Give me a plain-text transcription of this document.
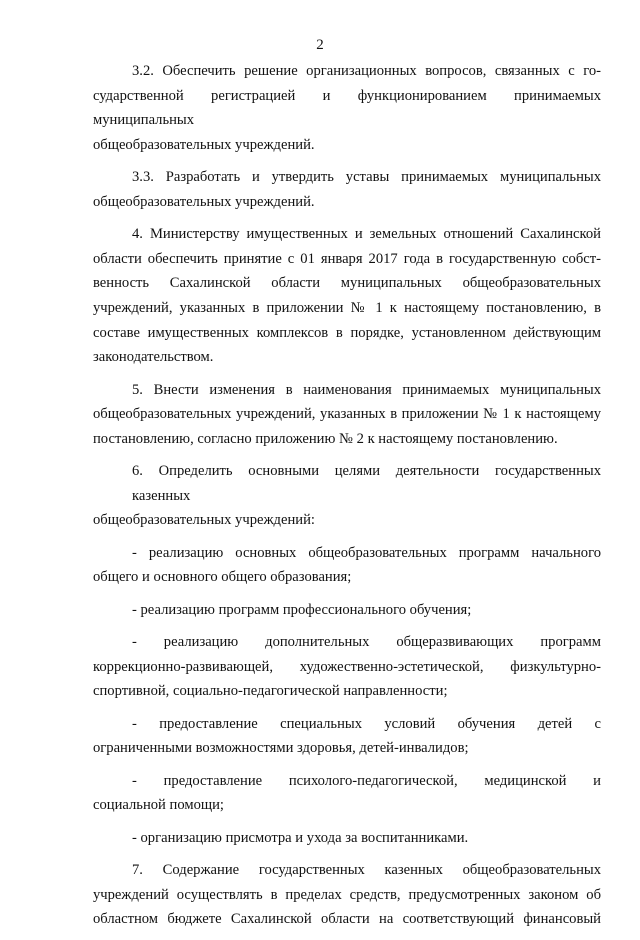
2

3.2. Обеспечить решение организационных вопросов, связанных с го-
сударственной регистрацией и функционированием принимаемых муниципальных
общеобразовательных учреждений.

3.3. Разработать и утвердить уставы принимаемых муниципальных
общеобразовательных учреждений.

4. Министерству имущественных и земельных отношений Сахалинской
области обеспечить принятие с 01 января 2017 года в государственную собст-
венность Сахалинской области муниципальных общеобразовательных
учреждений, указанных в приложении № 1 к настоящему постановлению, в
составе имущественных комплексов в порядке, установленном действующим
законодательством.

5. Внести изменения в наименования принимаемых муниципальных
общеобразовательных учреждений, указанных в приложении № 1 к настоящему
постановлению, согласно приложению № 2 к настоящему постановлению.

6. Определить основными целями деятельности государственных казенных
общеобразовательных учреждений:

- реализацию основных общеобразовательных программ начального
общего и основного общего образования;

- реализацию программ профессионального обучения;

- реализацию дополнительных общеразвивающих программ
коррекционно-развивающей, художественно-эстетической, физкультурно-
спортивной, социально-педагогической направленности;

- предоставление специальных условий обучения детей с
ограниченными возможностями здоровья, детей-инвалидов;

- предоставление психолого-педагогической, медицинской и
социальной помощи;

- организацию присмотра и ухода за воспитанниками.

7. Содержание государственных казенных общеобразовательных
учреждений осуществлять в пределах средств, предусмотренных законом об
областном бюджете Сахалинской области на соответствующий финансовый
